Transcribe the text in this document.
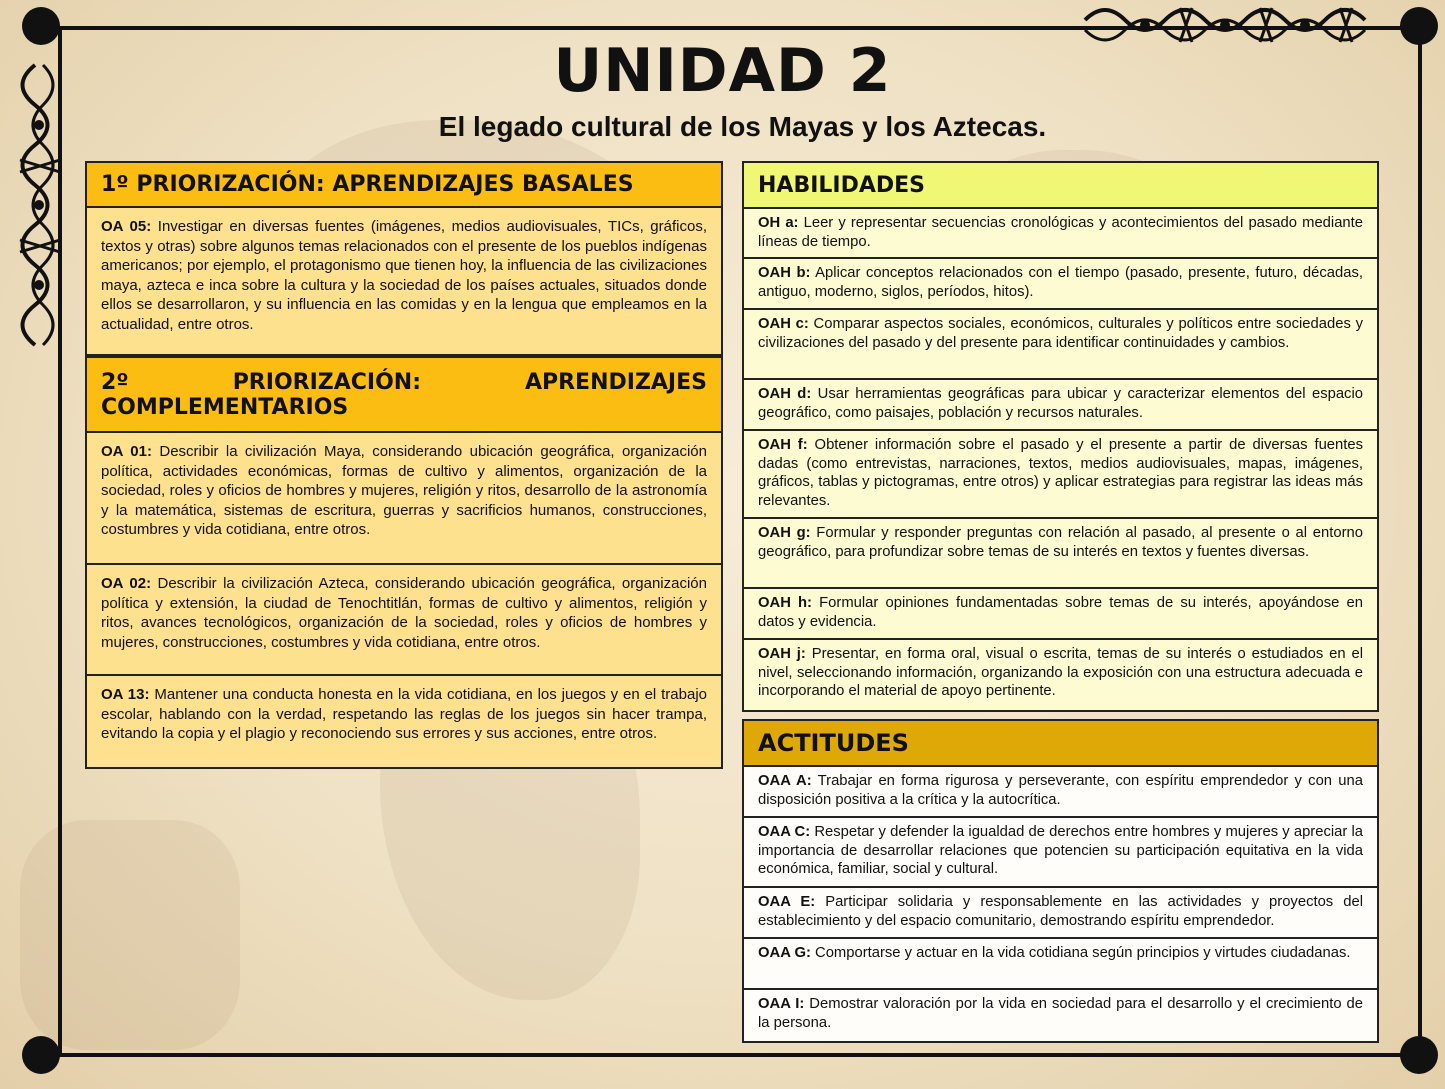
UNIDAD 2
El legado cultural de los Mayas y los Aztecas.
1º PRIORIZACIÓN: APRENDIZAJES BASALES
OA 05: Investigar en diversas fuentes (imágenes, medios audiovisuales, TICs, gráficos, textos y otras) sobre algunos temas relacionados con el presente de los pueblos indígenas americanos; por ejemplo, el protagonismo que tienen hoy, la influencia de las civilizaciones maya, azteca e inca sobre la cultura y la sociedad de los países actuales, situados donde ellos se desarrollaron, y su influencia en las comidas y en la lengua que empleamos en la actualidad, entre otros.
2º	PRIORIZACIÓN:	APRENDIZAJES
COMPLEMENTARIOS
OA 01: Describir la civilización Maya, considerando ubicación geográfica, organización política, actividades económicas, formas de cultivo y alimentos, organización de la sociedad, roles y oficios de hombres y mujeres, religión y ritos, desarrollo de la astronomía y la matemática, sistemas de escritura, guerras y sacrificios humanos, construcciones, costumbres y vida cotidiana, entre otros.
OA 02: Describir la civilización Azteca, considerando ubicación geográfica, organización política y extensión, la ciudad de Tenochtitlán, formas de cultivo y alimentos, religión y ritos, avances tecnológicos, organización de la sociedad, roles y oficios de hombres y mujeres, construcciones, costumbres y vida cotidiana, entre otros.
OA 13: Mantener una conducta honesta en la vida cotidiana, en los juegos y en el trabajo escolar, hablando con la verdad, respetando las reglas de los juegos sin hacer trampa, evitando la copia y el plagio y reconociendo sus errores y sus acciones, entre otros.
HABILIDADES
OH a: Leer y representar secuencias cronológicas y acontecimientos del pasado mediante líneas de tiempo.
OAH b: Aplicar conceptos relacionados con el tiempo (pasado, presente, futuro, décadas, antiguo, moderno, siglos, períodos, hitos).
OAH c: Comparar aspectos sociales, económicos, culturales y políticos entre sociedades y civilizaciones del pasado y del presente para identificar continuidades y cambios.
OAH d: Usar herramientas geográficas para ubicar y caracterizar elementos del espacio geográfico, como paisajes, población y recursos naturales.
OAH f: Obtener información sobre el pasado y el presente a partir de diversas fuentes dadas (como entrevistas, narraciones, textos, medios audiovisuales, mapas, imágenes, gráficos, tablas y pictogramas, entre otros) y aplicar estrategias para registrar las ideas más relevantes.
OAH g: Formular y responder preguntas con relación al pasado, al presente o al entorno geográfico, para profundizar sobre temas de su interés en textos y fuentes diversas.
OAH h: Formular opiniones fundamentadas sobre temas de su interés, apoyándose en datos y evidencia.
OAH j: Presentar, en forma oral, visual o escrita, temas de su interés o estudiados en el nivel, seleccionando información, organizando la exposición con una estructura adecuada e incorporando el material de apoyo pertinente.
ACTITUDES
OAA A: Trabajar en forma rigurosa y perseverante, con espíritu emprendedor y con una disposición positiva a la crítica y la autocrítica.
OAA C: Respetar y defender la igualdad de derechos entre hombres y mujeres y apreciar la importancia de desarrollar relaciones que potencien su participación equitativa en la vida económica, familiar, social y cultural.
OAA E: Participar solidaria y responsablemente en las actividades y proyectos del establecimiento y del espacio comunitario, demostrando espíritu emprendedor.
OAA G: Comportarse y actuar en la vida cotidiana según principios y virtudes ciudadanas.
OAA I: Demostrar valoración por la vida en sociedad para el desarrollo y el crecimiento de la persona.
